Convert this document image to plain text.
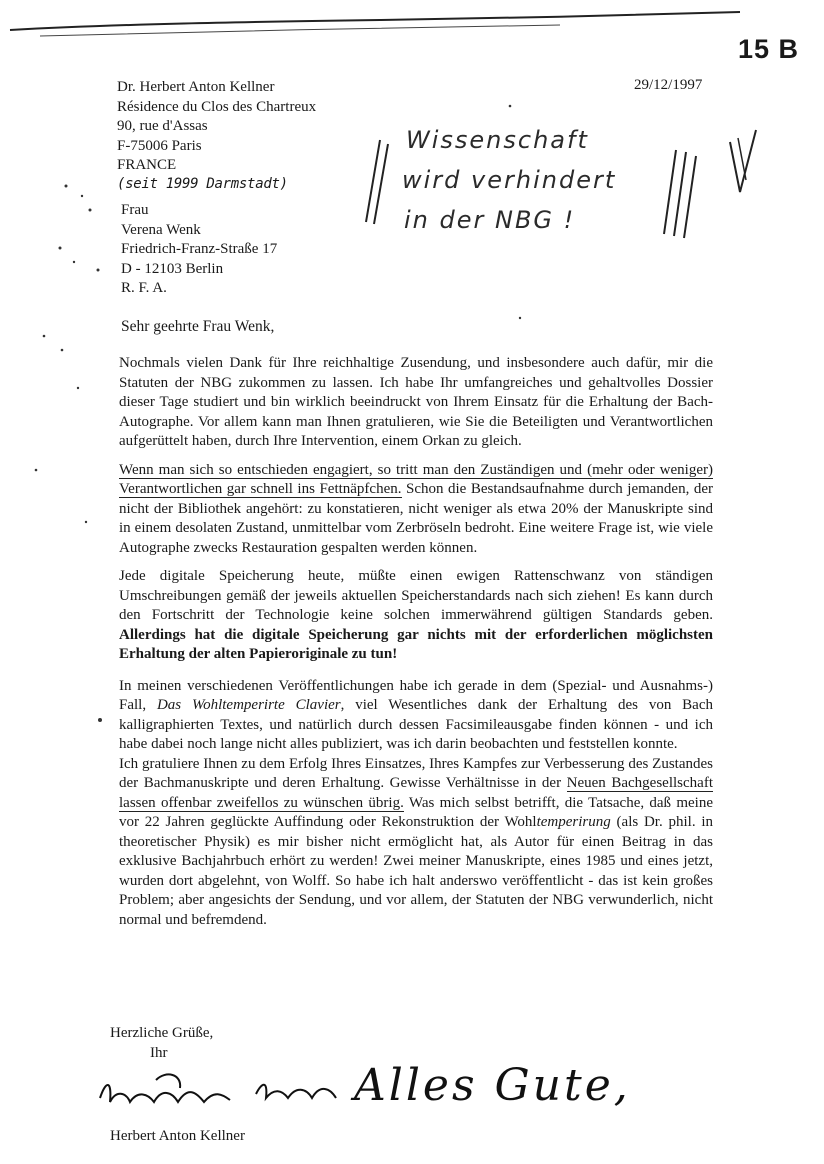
15 B
29/12/1997
Dr. Herbert Anton Kellner
Résidence du Clos des Chartreux
90, rue d'Assas
F-75006 Paris
FRANCE
(seit 1999 Darmstadt)
Frau
Verena Wenk
Friedrich-Franz-Straße 17
D - 12103 Berlin
R. F. A.
Wissenschaft
wird verhindert
in der NBG !
Sehr geehrte Frau Wenk,

Nochmals vielen Dank für Ihre reichhaltige Zusendung, und insbesondere auch dafür, mir die Statuten der NBG zukommen zu lassen. Ich habe Ihr umfangreiches und gehaltvolles Dossier dieser Tage studiert und bin wirklich beeindruckt von Ihrem Einsatz für die Erhaltung der Bach-Autographe. Vor allem kann man Ihnen gratulieren, wie Sie die Beteiligten und Verantwortlichen aufgerüttelt haben, durch Ihre Intervention, einem Orkan zu gleich.

Wenn man sich so entschieden engagiert, so tritt man den Zuständigen und (mehr oder weniger) Verantwortlichen gar schnell ins Fettnäpfchen. Schon die Bestandsaufnahme durch jemanden, der nicht der Bibliothek angehört: zu konstatieren, nicht weniger als etwa 20% der Manuskripte sind in einem desolaten Zustand, unmittelbar vom Zerbröseln bedroht. Eine weitere Frage ist, wie viele Autographe zwecks Restauration gespalten werden können.

Jede digitale Speicherung heute, müßte einen ewigen Rattenschwanz von ständigen Umschreibungen gemäß der jeweils aktuellen Speicherstandards nach sich ziehen! Es kann durch den Fortschritt der Technologie keine solchen immerwährend gültigen Standards geben. Allerdings hat die digitale Speicherung gar nichts mit der erforderlichen möglichsten Erhaltung der alten Papieroriginale zu tun!

In meinen verschiedenen Veröffentlichungen habe ich gerade in dem (Spezial- und Ausnahms-) Fall, Das Wohltemperirte Clavier, viel Wesentliches dank der Erhaltung des von Bach kalligraphierten Textes, und natürlich durch dessen Facsimileausgabe finden können - und ich habe dabei noch lange nicht alles publiziert, was ich darin beobachten und feststellen konnte.

Ich gratuliere Ihnen zu dem Erfolg Ihres Einsatzes, Ihres Kampfes zur Verbesserung des Zustandes der Bachmanuskripte und deren Erhaltung. Gewisse Verhältnisse in der Neuen Bachgesellschaft lassen offenbar zweifellos zu wünschen übrig. Was mich selbst betrifft, die Tatsache, daß meine vor 22 Jahren geglückte Auffindung oder Rekonstruktion der Wohltemperirung (als Dr. phil. in theoretischer Physik) es mir bisher nicht ermöglicht hat, als Autor für einen Beitrag in das exklusive Bachjahrbuch erhört zu werden! Zwei meiner Manuskripte, eines 1985 und eines jetzt, wurden dort abgelehnt, von Wolff. So habe ich halt anderswo veröffentlicht - das ist kein großes Problem; aber angesichts der Sendung, und vor allem, der Statuten der NBG verwunderlich, nicht normal und befremdend.

Herzliche Grüße,
Ihr
Alles Gute,
Herbert Anton Kellner
